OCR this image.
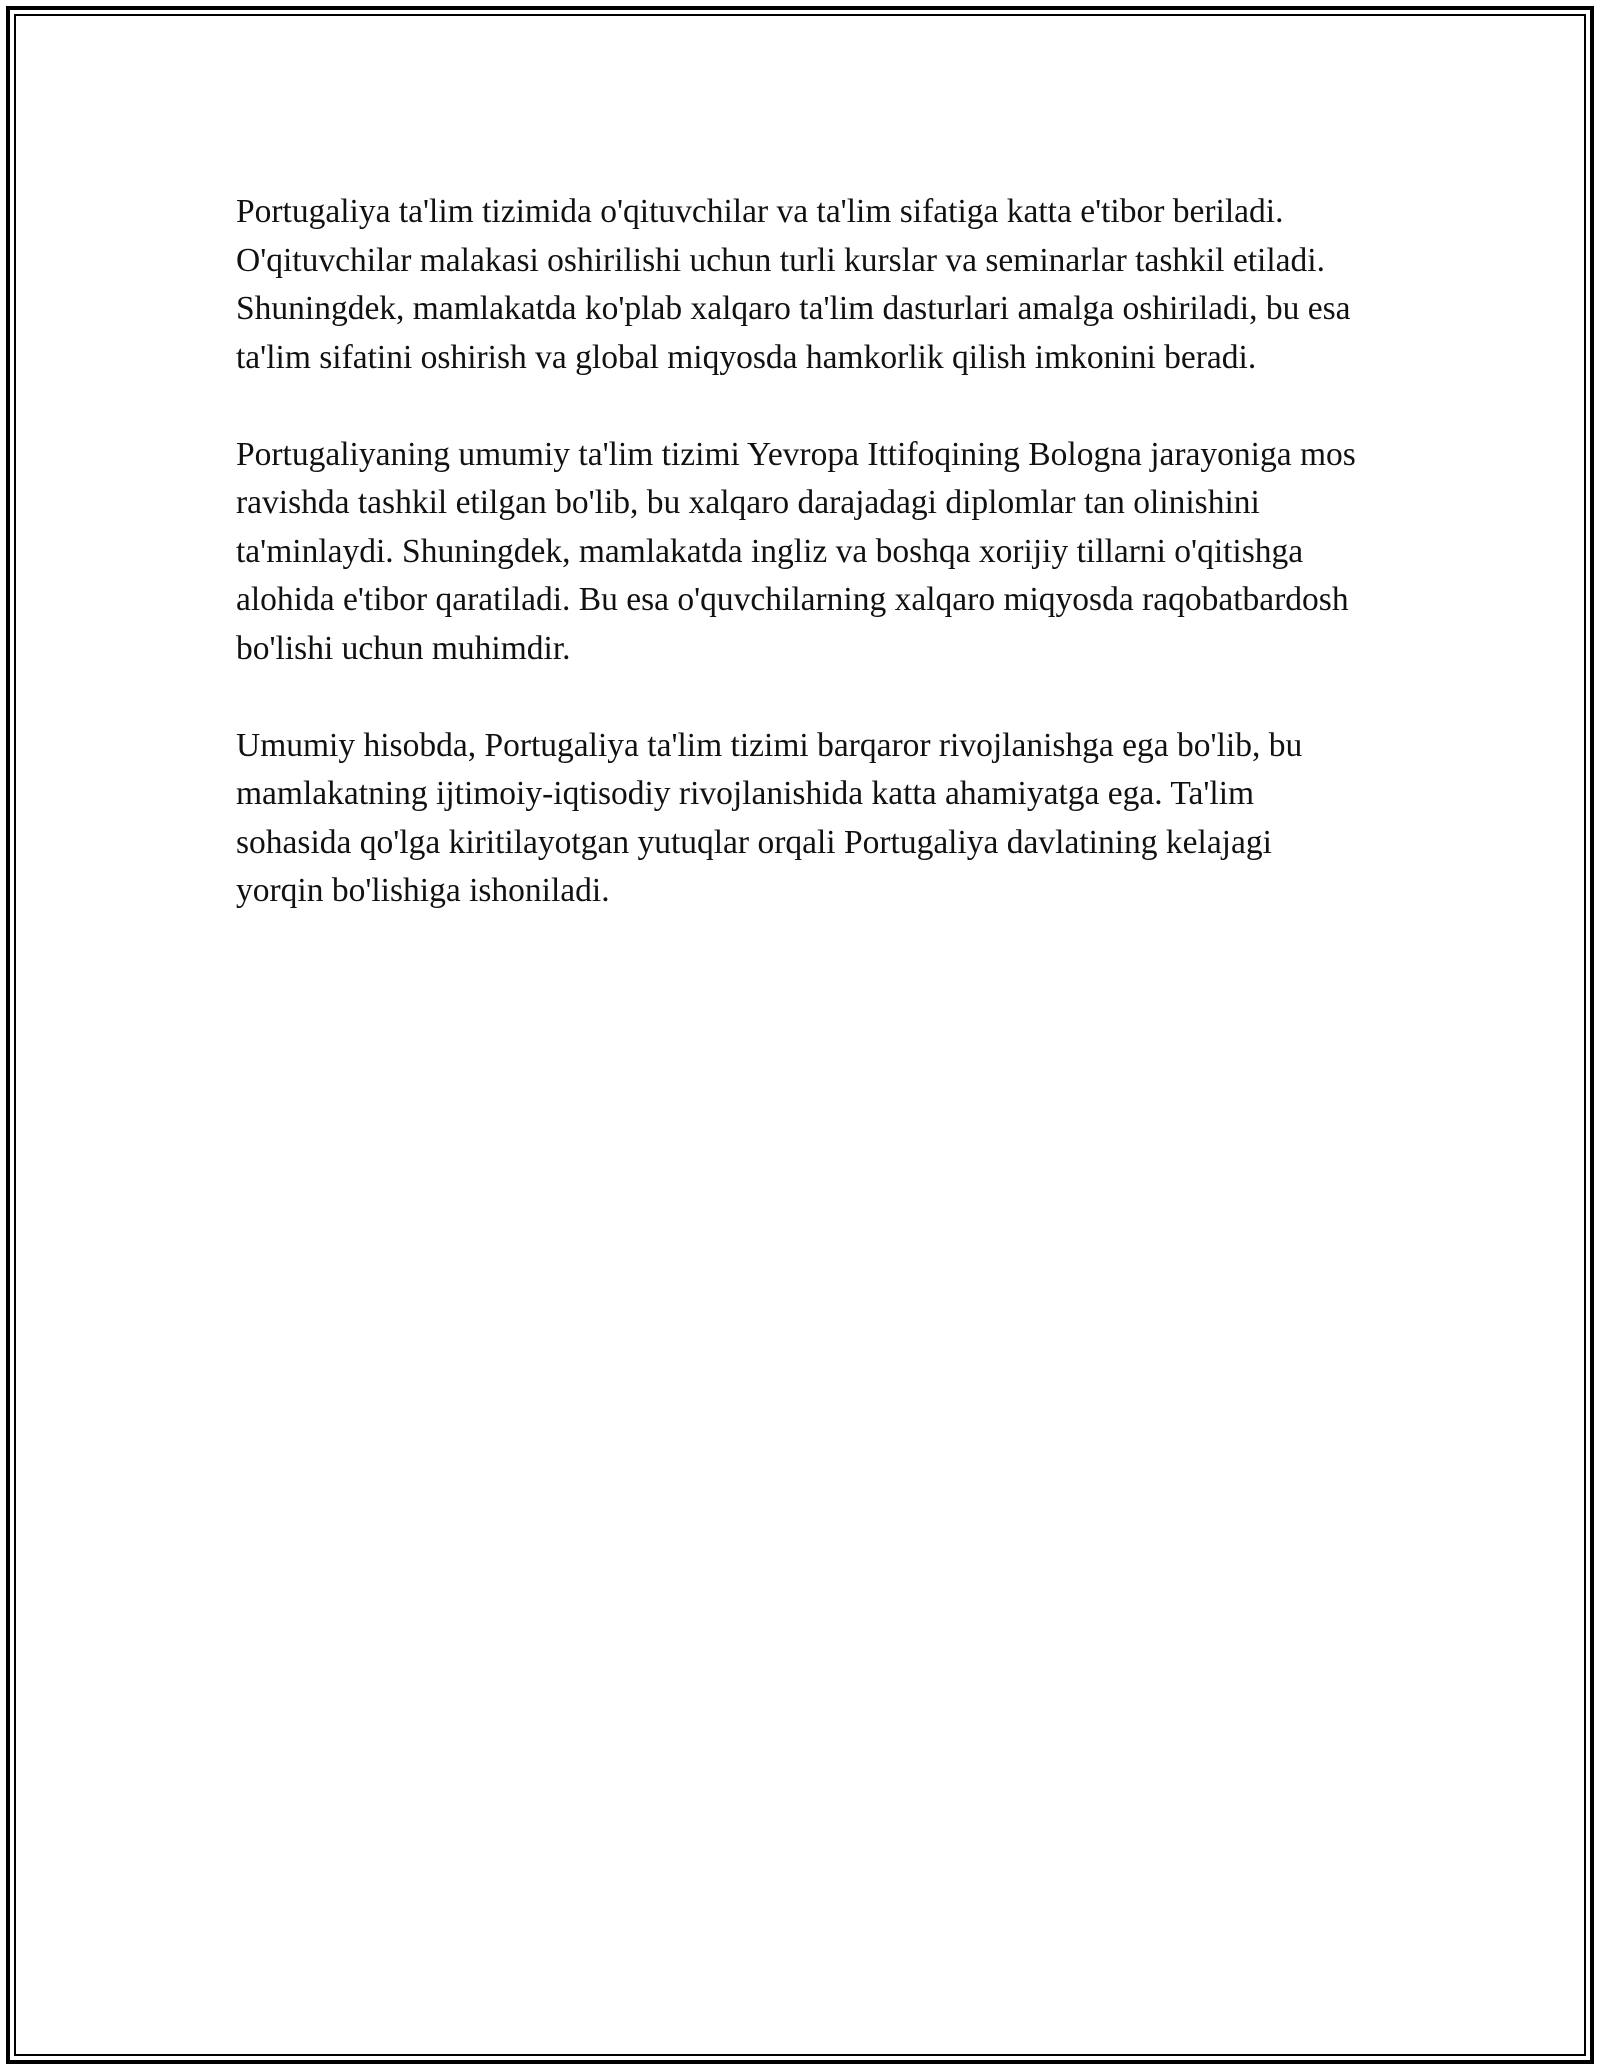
Portugaliya ta'lim tizimida o'qituvchilar va ta'lim sifatiga katta e'tibor beriladi. O'qituvchilar malakasi oshirilishi uchun turli kurslar va seminarlar tashkil etiladi. Shuningdek, mamlakatda ko'plab xalqaro ta'lim dasturlari amalga oshiriladi, bu esa ta'lim sifatini oshirish va global miqyosda hamkorlik qilish imkonini beradi.

Portugaliyaning umumiy ta'lim tizimi Yevropa Ittifoqining Bologna jarayoniga mos ravishda tashkil etilgan bo'lib, bu xalqaro darajadagi diplomlar tan olinishini ta'minlaydi. Shuningdek, mamlakatda ingliz va boshqa xorijiy tillarni o'qitishga alohida e'tibor qaratiladi. Bu esa o'quvchilarning xalqaro miqyosda raqobatbardosh bo'lishi uchun muhimdir.

Umumiy hisobda, Portugaliya ta'lim tizimi barqaror rivojlanishga ega bo'lib, bu mamlakatning ijtimoiy-iqtisodiy rivojlanishida katta ahamiyatga ega. Ta'lim sohasida qo'lga kiritilayotgan yutuqlar orqali Portugaliya davlatining kelajagi yorqin bo'lishiga ishoniladi.
